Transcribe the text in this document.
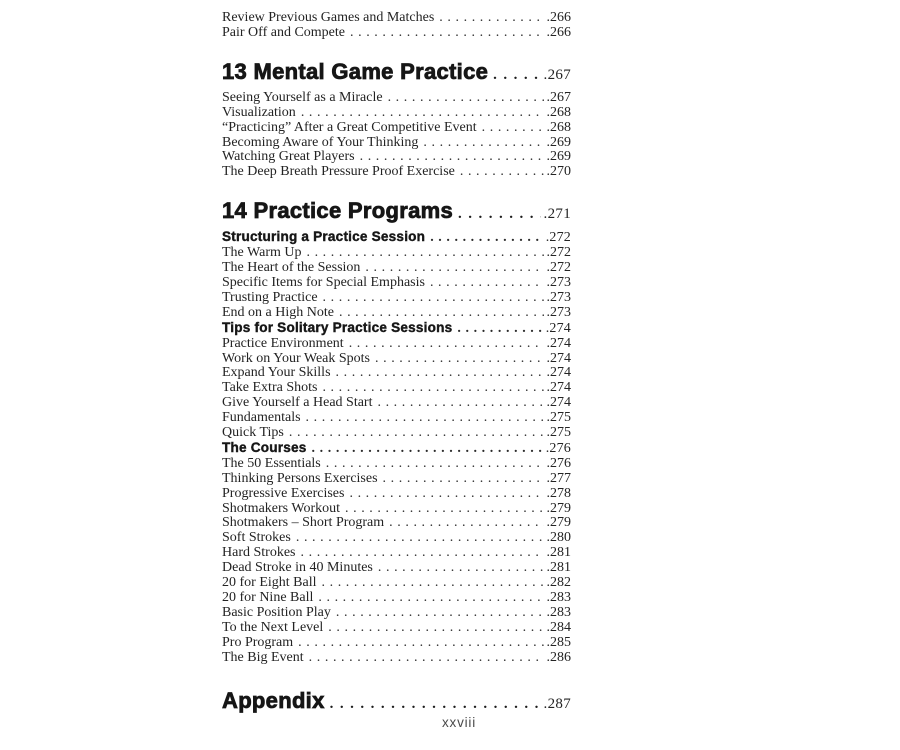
Review Previous Games and Matches .....	. 266
Pair Off and Compete .....	. 266
13 Mental Game Practice .....	. 267
Seeing Yourself as a Miracle .....	. 267
Visualization .....	. 268
“Practicing” After a Great Competitive Event .....	. 268
Becoming Aware of Your Thinking .....	. 269
Watching Great Players .....	. 269
The Deep Breath Pressure Proof Exercise .....	. 270
14 Practice Programs .....	. 271
Structuring a Practice Session .....	. 272
The Warm Up .....	. 272
The Heart of the Session .....	. 272
Specific Items for Special Emphasis .....	. 273
Trusting Practice .....	. 273
End on a High Note .....	. 273
Tips for Solitary Practice Sessions .....	. 274
Practice Environment .....	. 274
Work on Your Weak Spots .....	. 274
Expand Your Skills .....	. 274
Take Extra Shots .....	. 274
Give Yourself a Head Start .....	. 274
Fundamentals .....	. 275
Quick Tips .....	. 275
The Courses .....	. 276
The 50 Essentials .....	. 276
Thinking Persons Exercises .....	. 277
Progressive Exercises .....	. 278
Shotmakers Workout .....	. 279
Shotmakers – Short Program .....	. 279
Soft Strokes .....	. 280
Hard Strokes .....	. 281
Dead Stroke in 40 Minutes .....	. 281
20 for Eight Ball .....	. 282
20 for Nine Ball .....	. 283
Basic Position Play .....	. 283
To the Next Level .....	. 284
Pro Program .....	. 285
The Big Event .....	. 286
Appendix .....	. 287
xxviii
